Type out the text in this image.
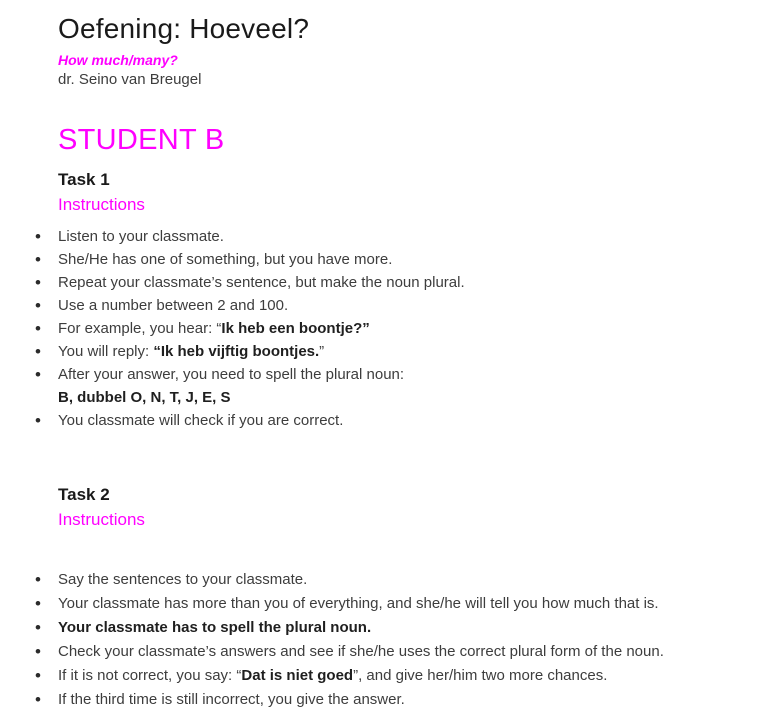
Oefening: Hoeveel?

How much/many?

dr. Seino van Breugel

STUDENT B
Task 1

Instructions

• Listen to your classmate.
• She/He has one of something, but you have more.
• Repeat your classmate’s sentence, but make the noun plural.
• Use a number between 2 and 100.
• For example, you hear: “Ik heb een boontje?”
• You will reply: “Ik heb vijftig boontjes.”
• After your answer, you need to spell the plural noun:
B, dubbel O, N, T, J, E, S
• You classmate will check if you are correct.
Task 2

Instructions

• Say the sentences to your classmate.
• Your classmate has more than you of everything, and she/he will tell you how much that is.
• Your classmate has to spell the plural noun.
• Check your classmate’s answers and see if she/he uses the correct plural form of the noun.
• If it is not correct, you say: “Dat is niet goed”, and give her/him two more chances.
• If the third time is still incorrect, you give the answer.
